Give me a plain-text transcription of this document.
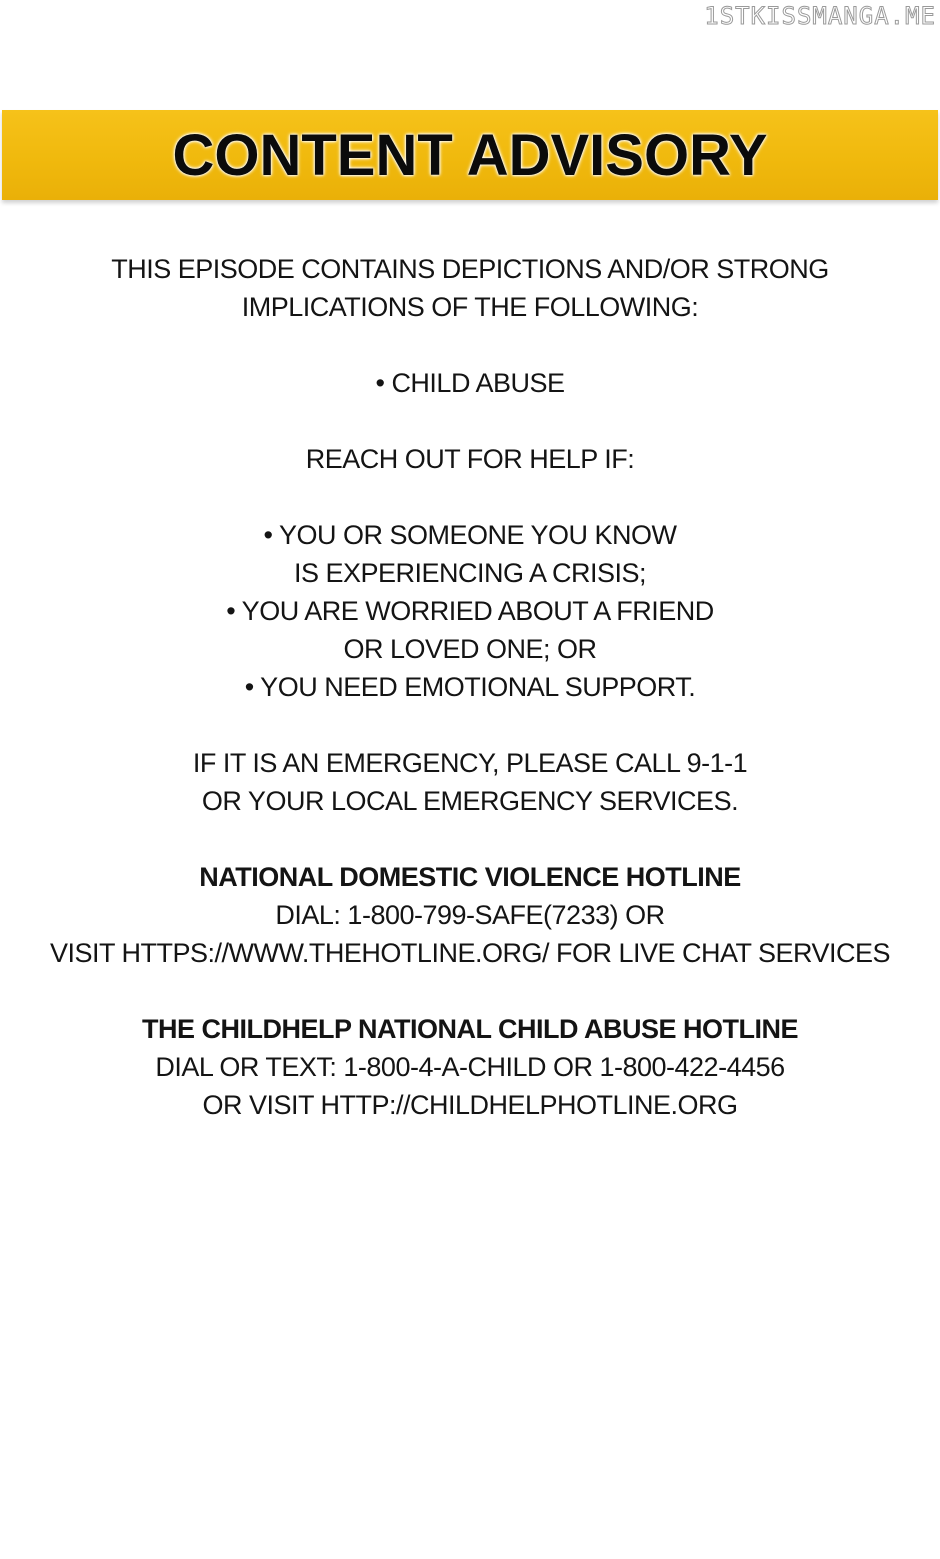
1STKISSMANGA.ME
CONTENT ADVISORY

THIS EPISODE CONTAINS DEPICTIONS AND/OR STRONG

IMPLICATIONS OF THE FOLLOWING:

• CHILD ABUSE

REACH OUT FOR HELP IF:

• YOU OR SOMEONE YOU KNOW

IS EXPERIENCING A CRISIS;

• YOU ARE WORRIED ABOUT A FRIEND

OR LOVED ONE; OR

• YOU NEED EMOTIONAL SUPPORT.

IF IT IS AN EMERGENCY, PLEASE CALL 9-1-1

OR YOUR LOCAL EMERGENCY SERVICES.

NATIONAL DOMESTIC VIOLENCE HOTLINE

DIAL: 1-800-799-SAFE(7233) OR

VISIT HTTPS://WWW.THEHOTLINE.ORG/ FOR LIVE CHAT SERVICES

THE CHILDHELP NATIONAL CHILD ABUSE HOTLINE

DIAL OR TEXT: 1-800-4-A-CHILD OR 1-800-422-4456

OR VISIT HTTP://CHILDHELPHOTLINE.ORG
